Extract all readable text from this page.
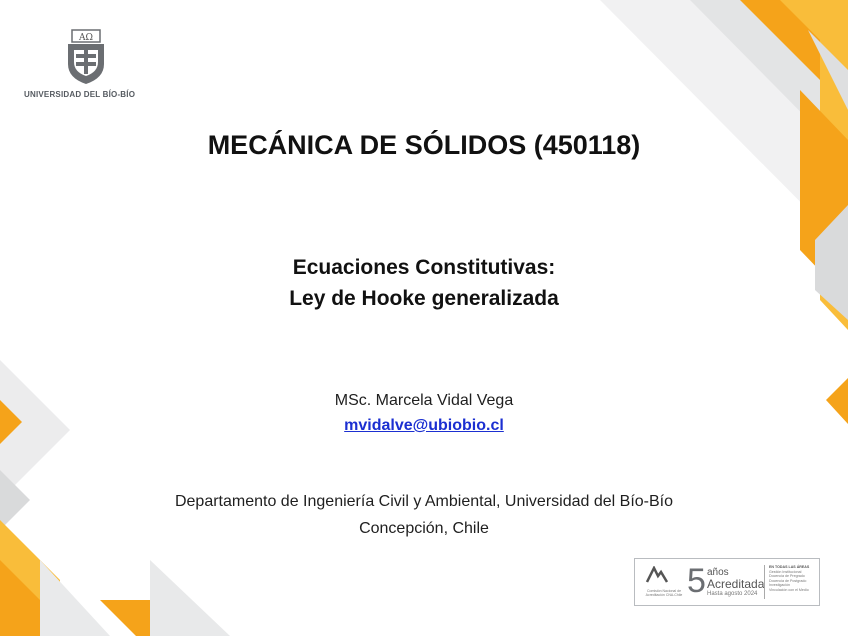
ΑΩ
UNIVERSIDAD DEL BÍO-BÍO
MECÁNICA DE SÓLIDOS (450118)
Ecuaciones Constitutivas:
Ley de Hooke generalizada
MSc. Marcela Vidal Vega
mvidalve@ubiobio.cl
Departamento de Ingeniería Civil y Ambiental, Universidad del Bío-Bío
Concepción, Chile
Comisión Nacional de Acreditación CNA-Chile 5 años
Acreditada
Hasta agosto 2024
EN TODAS LAS ÁREAS
Gestión Institucional
Docencia de Pregrado
Docencia de Postgrado
Investigación
Vinculación con el Medio
